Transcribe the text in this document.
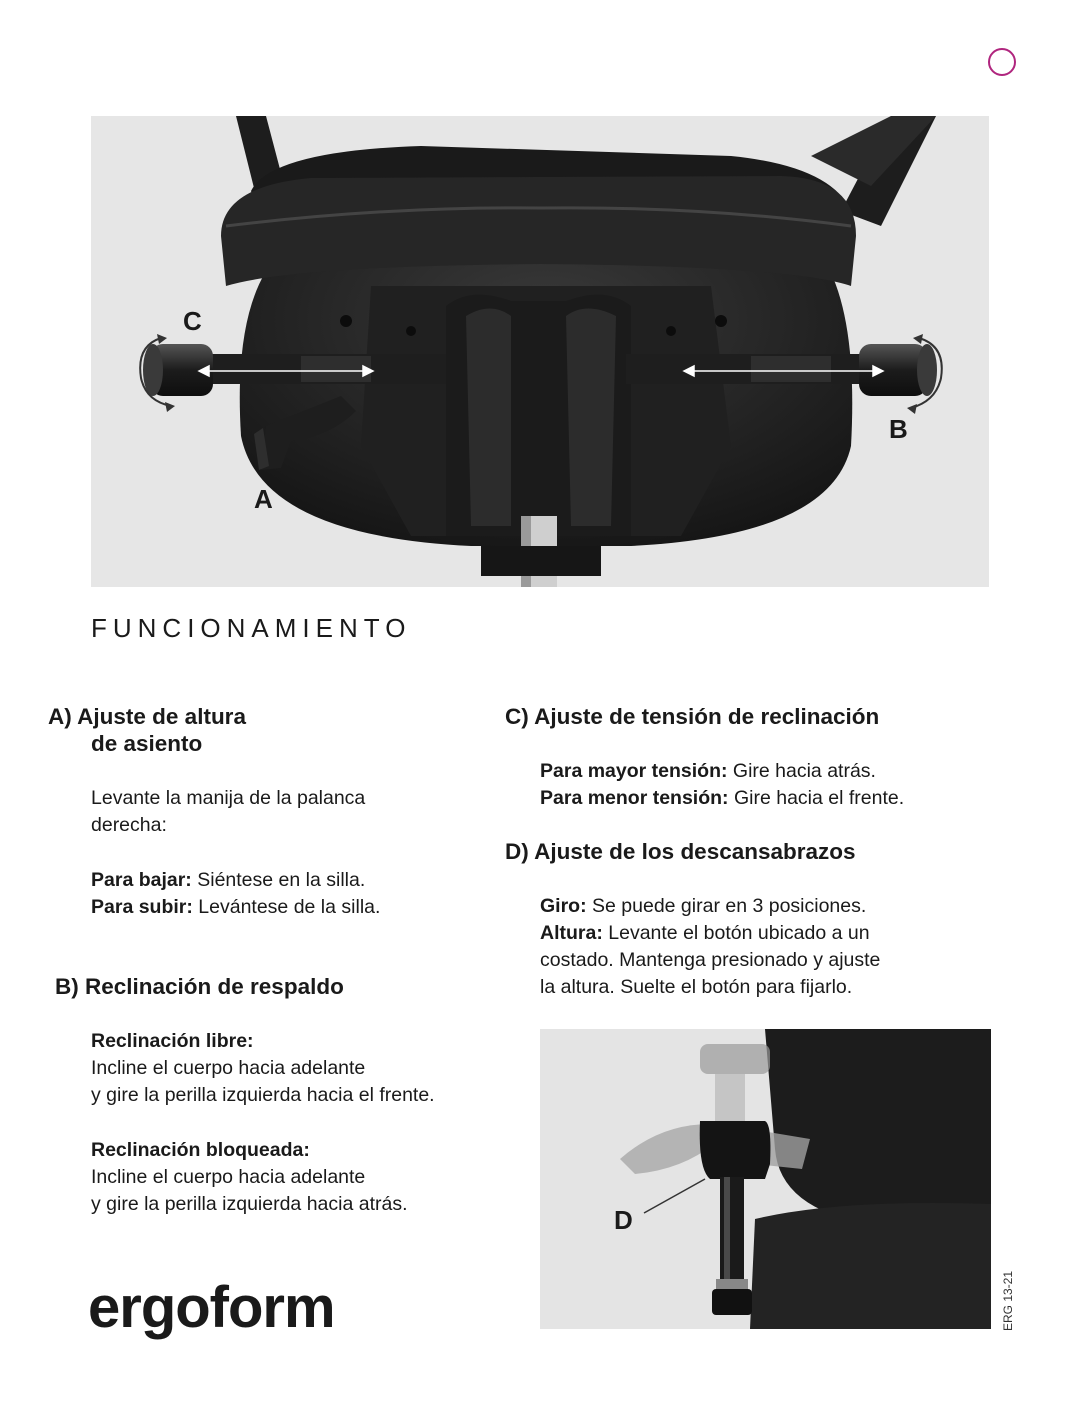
C
B
A
FUNCIONAMIENTO
A) Ajuste de altura
de asiento
Levante la manija de la palanca
derecha:
Para bajar: Siéntese en la silla.
Para subir: Levántese de la silla.
B) Reclinación de respaldo
Reclinación libre:
Incline el cuerpo hacia adelante
y gire la perilla izquierda hacia el frente.
Reclinación bloqueada:
Incline el cuerpo hacia adelante
y gire la perilla izquierda hacia atrás.
C) Ajuste de tensión de reclinación
Para mayor tensión: Gire hacia atrás.
Para menor tensión: Gire hacia el frente.
D) Ajuste de los descansabrazos
Giro: Se puede girar en 3 posiciones.
Altura: Levante el botón ubicado a un
costado. Mantenga presionado y ajuste
la altura. Suelte el botón para fijarlo.
D
ergoform	ERG 13-21
